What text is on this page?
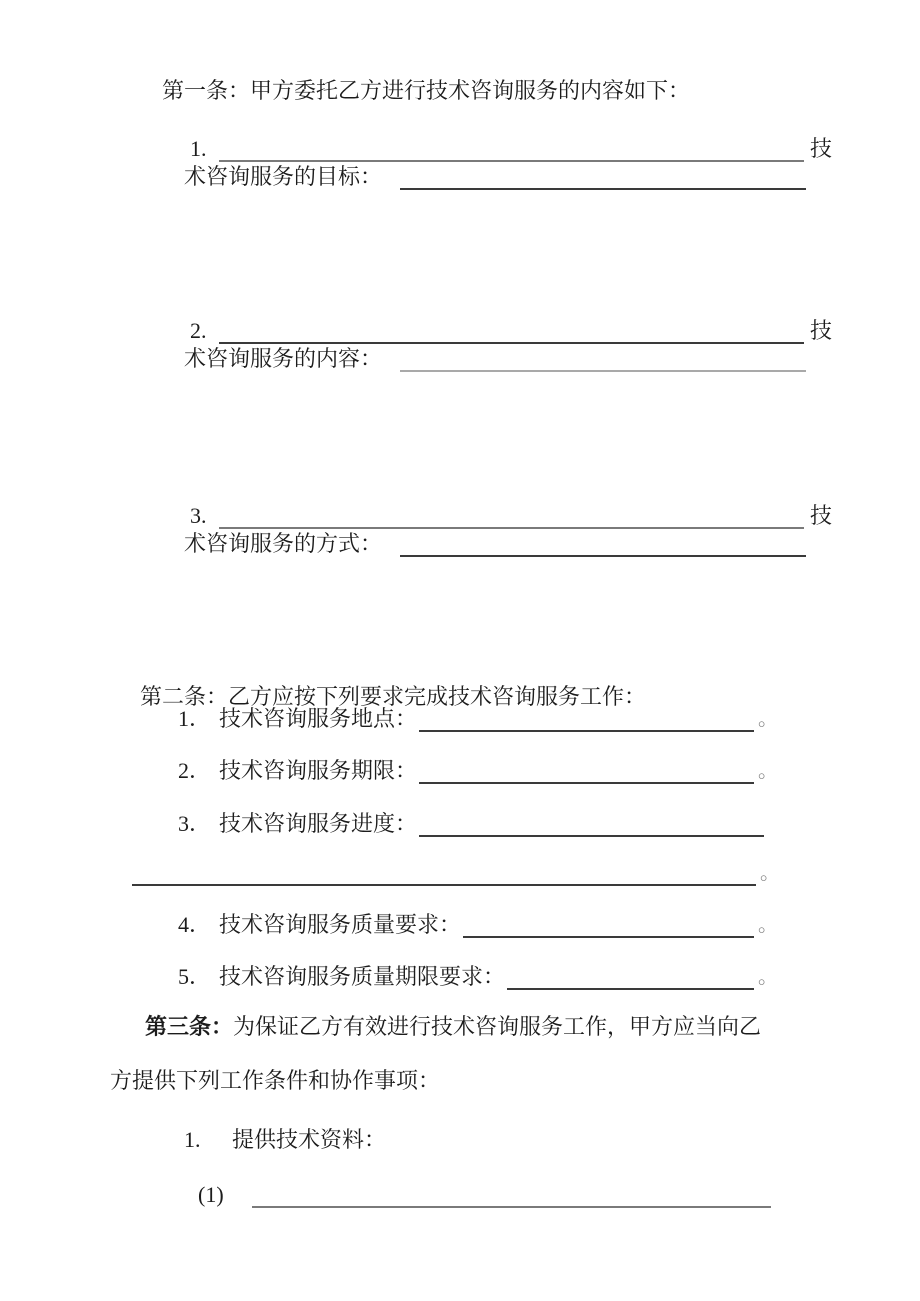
第一条：甲方委托乙方进行技术咨询服务的内容如下：
1.	技
术咨询服务的目标：
2.	技
术咨询服务的内容：
3.	技
术咨询服务的方式：
第二条：乙方应按下列要求完成技术咨询服务工作：
1． 技术咨询服务地点：	。
2． 技术咨询服务期限：	。
3． 技术咨询服务进度：
。
4． 技术咨询服务质量要求：	。
5． 技术咨询服务质量期限要求：	。
第三条：为保证乙方有效进行技术咨询服务工作，甲方应当向乙
方提供下列工作条件和协作事项：
1. 提供技术资料：
(1)
